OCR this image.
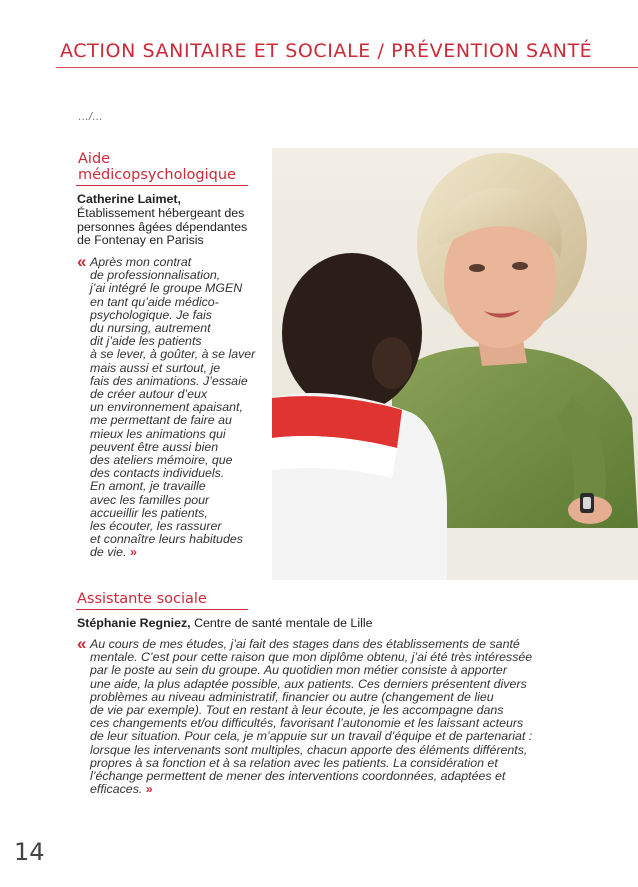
ACTION SANITAIRE ET SOCIALE / PRÉVENTION SANTÉ
…/…
Aide
médicopsychologique
Catherine Laimet,
Établissement hébergeant des
personnes âgées dépendantes
de Fontenay en Parisis
« Après mon contrat
de professionnalisation,
j’ai intégré le groupe MGEN
en tant qu’aide médico-
psychologique. Je fais
du nursing, autrement
dit j’aide les patients
à se lever, à goûter, à se laver
mais aussi et surtout, je
fais des animations. J’essaie
de créer autour d’eux
un environnement apaisant,
me permettant de faire au
mieux les animations qui
peuvent être aussi bien
des ateliers mémoire, que
des contacts individuels.
En amont, je travaille
avec les familles pour
accueillir les patients,
les écouter, les rassurer
et connaître leurs habitudes
de vie. »
Assistante sociale
Stéphanie Regniez, Centre de santé mentale de Lille
« Au cours de mes études, j’ai fait des stages dans des établissements de santé
mentale. C’est pour cette raison que mon diplôme obtenu, j’ai été très intéressée
par le poste au sein du groupe. Au quotidien mon métier consiste à apporter
une aide, la plus adaptée possible, aux patients. Ces derniers présentent divers
problèmes au niveau administratif, financier ou autre (changement de lieu
de vie par exemple). Tout en restant à leur écoute, je les accompagne dans
ces changements et/ou difficultés, favorisant l’autonomie et les laissant acteurs
de leur situation. Pour cela, je m’appuie sur un travail d’équipe et de partenariat :
lorsque les intervenants sont multiples, chacun apporte des éléments différents,
propres à sa fonction et à sa relation avec les patients. La considération et
l’échange permettent de mener des interventions coordonnées, adaptées et
efficaces. »
14
